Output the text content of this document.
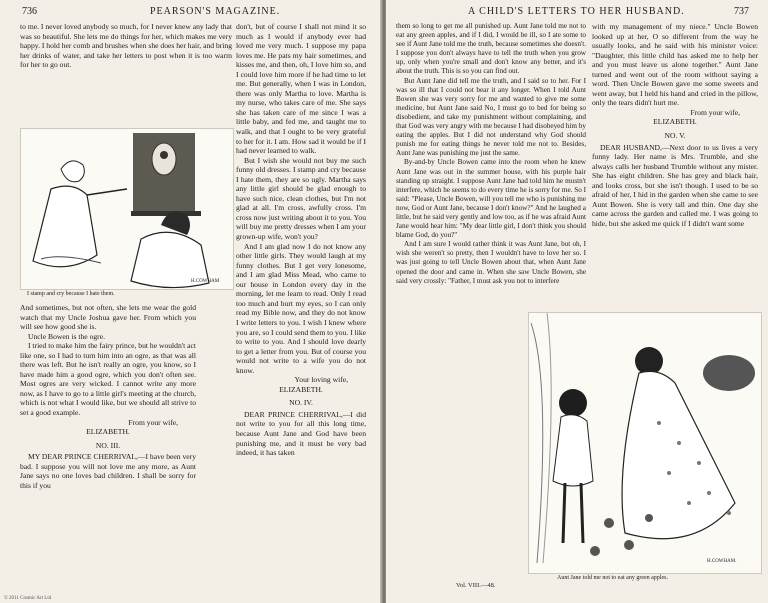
736	PEARSON'S MAGAZINE.

to me. I never loved anybody so much, for I never knew any lady that was so beautiful. She lets me do things for her, which makes me very happy. I hold her comb and brushes when she does her hair, and bring her drinks of water, and take her letters to post when it is too warm for her to go out.

I stamp and cry because I hate them.
H.COWHAM

And sometimes, but not often, she lets me wear the gold watch that my Uncle Joshua gave her. From which you will see how good she is.

Uncle Bowen is the ogre.

I tried to make him the fairy prince, but he wouldn't act like one, so I had to turn him into an ogre, as that was all there was left. But he isn't really an ogre, you know, so I have made him a good ogre, which you don't often see. Most ogres are very wicked. I cannot write any more now, as I have to go to a little girl's meeting at the church, which is not what I would like, but we should all strive to set a good example.

From your wife,

ELIZABETH.

NO. III.

MY DEAR PRINCE CHERRIVAL,—I have been very bad. I suppose you will not love me any more, as Aunt Jane says no one loves bad children. I shall be sorry for this if you

don't, but of course I shall not mind it so much as I would if anybody ever had loved me very much. I suppose my papa loves me. He pats my hair sometimes, and kisses me, and then, oh, I love him so, and I could love him more if he had time to let me. But generally, when I was in London, there was only Martha to love. Martha is my nurse, who takes care of me. She says she has taken care of me since I was a little baby, and fed me, and taught me to walk, and that I ought to be very grateful to her for it. I am. How sad it would be if I had never learned to walk.

But I wish she would not buy me such funny old dresses. I stamp and cry because I hate them, they are so ugly. Martha says any little girl should be glad enough to have such nice, clean clothes, but I'm not glad at all. I'm cross, awfully cross. I'm cross now just writing about it to you. You will buy me pretty dresses when I am your grown-up wife, won't you?

And I am glad now I do not know any other little girls. They would laugh at my funny clothes. But I get very lonesome, and I am glad Miss Mead, who came to our house in London every day in the morning, let me learn to read. Only I read too much and hurt my eyes, so I can only read my Bible now, and they do not know I write letters to you. I wish I knew where you are, so I could send them to you. I like to write to you. And I should love dearly to get a letter from you. But of course you would not write to a wife you do not know.

Your loving wife,

ELIZABETH.

NO. IV.

DEAR PRINCE CHERRIVAL,—I did not write to you for all this long time, because Aunt Jane and God have been punishing me, and it must be very bad indeed, it has taken

© 2011 Cosmic Art Ltd
A CHILD'S LETTERS TO HER HUSBAND.	737

them so long to get me all punished up. Aunt Jane told me not to eat any green apples, and if I did, I would be ill, so I ate some to see if Aunt Jane told me the truth, because sometimes she doesn't. I suppose you don't always have to tell the truth when you grow up, only when you're small and don't know any better, and it's about the truth. This is so you can find out.

But Aunt Jane did tell me the truth, and I said so to her. For I was so ill that I could not bear it any longer. When I told Aunt Bowen she was very sorry for me and wanted to give me some medicine, but Aunt Jane said No, I must go to bed for being so disobedient, and take my punishment without complaining, and that God was very angry with me because I had disobeyed him by eating the apples. But I did not understand why God should punish me for eating things he never told me not to. Besides, Aunt Jane was punishing me just the same.

By-and-by Uncle Bowen came into the room when he knew Aunt Jane was out in the summer house, with his purple hair standing up straight. I suppose Aunt Jane had told him he mustn't interfere, which he seems to do every time he is sorry for me. So I said: "Please, Uncle Bowen, will you tell me who is punishing me now, God or Aunt Jane, because I don't know?" And he laughed a little, but he said very gently and low too, as if he was afraid Aunt Jane would hear him: "My dear little girl, I don't think you should blame God, do you?"

And I am sure I would rather think it was Aunt Jane, but oh, I wish she weren't so pretty, then I wouldn't have to love her so. I was just going to tell Uncle Bowen about that, when Aunt Jane opened the door and came in. When she saw Uncle Bowen, she said very crossly: "Father, I must ask you not to interfere

Vol. VIII.—48.

with my management of my niece." Uncle Bowen looked up at her, O so different from the way he usually looks, and he said with his minister voice: "Daughter, this little child has asked me to help her and you must leave us alone together." Aunt Jane turned and went out of the room without saying a word. Then Uncle Bowen gave me some sweets and went away, but I held his hand and cried in the pillow, only the tears didn't hurt me.

From your wife,

ELIZABETH.

NO. V.

DEAR HUSBAND,—Next door to us lives a very funny lady. Her name is Mrs. Trumble, and she always calls her husband Trumble without any mister. She has eight children. She has grey and black hair, and looks cross, but she isn't though. I used to be so afraid of her, I hid in the garden when she came to see Aunt Bowen. She is very tall and thin. One day she came across the garden and called me. I was going to hide, but she asked me quick if I didn't want some

Aunt Jane told me not to eat any green apples.
H.COWHAM.
